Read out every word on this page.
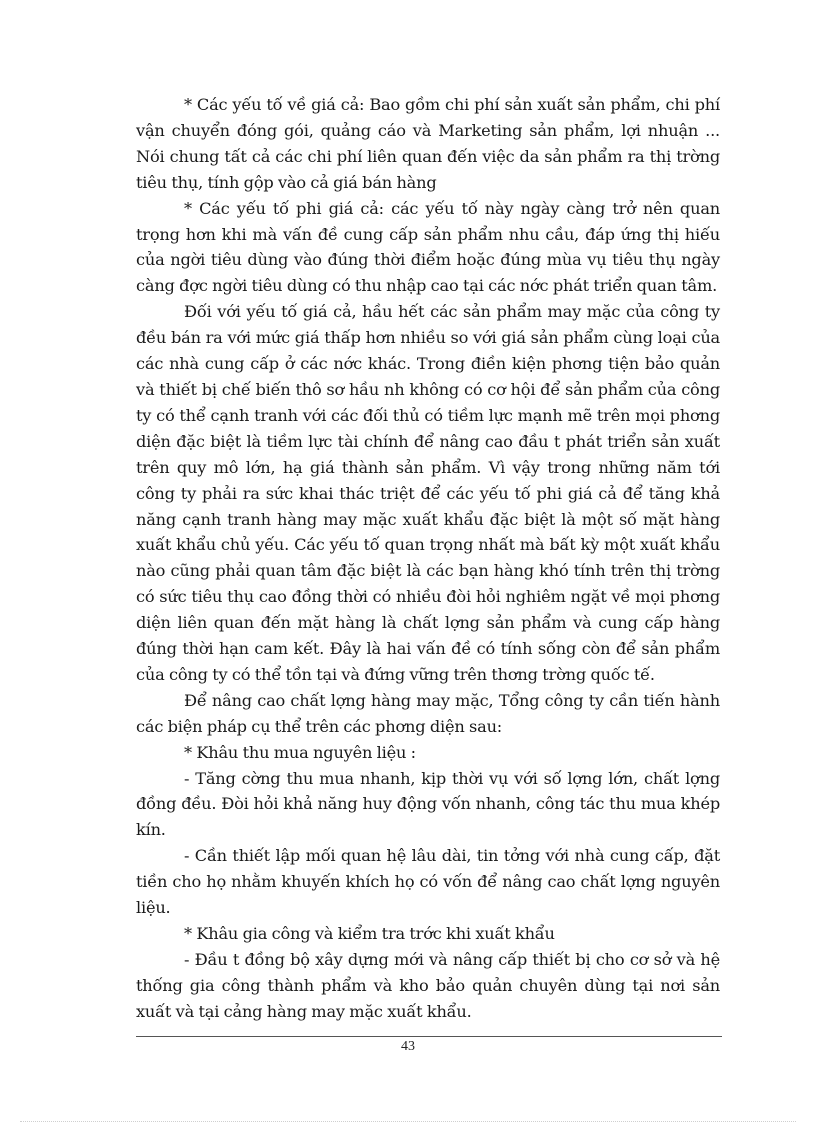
* Các yếu tố về giá cả: Bao gồm chi phí sản xuất sản phẩm, chi phí vận chuyển đóng gói, quảng cáo và Marketing sản phẩm, lợi nhuận ... Nói chung tất cả các chi phí liên quan đến việc da sản phẩm ra thị trờng tiêu thụ, tính gộp vào cả giá bán hàng

* Các yếu tố phi giá cả: các yếu tố này ngày càng trở nên quan trọng hơn khi mà vấn đề cung cấp sản phẩm nhu cầu, đáp ứng thị hiếu của ngời tiêu dùng vào đúng thời điểm hoặc đúng mùa vụ tiêu thụ ngày càng đợc ngời tiêu dùng có thu nhập cao tại các nớc phát triển quan tâm.

Đối với yếu tố giá cả, hầu hết các sản phẩm may mặc của công ty đều bán ra với mức giá thấp hơn nhiều so với giá sản phẩm cùng loại của các nhà cung cấp ở các nớc khác. Trong điền kiện phơng tiện bảo quản và thiết bị chế biến thô sơ hầu nh không có cơ hội để sản phẩm của công ty có thể cạnh tranh với các đối thủ có tiềm lực mạnh mẽ trên mọi phơng diện đặc biệt là tiềm lực tài chính để nâng cao đầu t phát triển sản xuất trên quy mô lớn, hạ giá thành sản phẩm. Vì vậy trong những năm tới công ty phải ra sức khai thác triệt để các yếu tố phi giá cả để tăng khả năng cạnh tranh hàng may mặc xuất khẩu đặc biệt là một số mặt hàng xuất khẩu chủ yếu. Các yếu tố quan trọng nhất mà bất kỳ một xuất khẩu nào cũng phải quan tâm đặc biệt là các bạn hàng khó tính trên thị trờng có sức tiêu thụ cao đồng thời có nhiều đòi hỏi nghiêm ngặt về mọi phơng diện liên quan đến mặt hàng là chất lợng sản phẩm và cung cấp hàng đúng thời hạn cam kết. Đây là hai vấn đề có tính sống còn để sản phẩm của công ty có thể tồn tại và đứng vững trên thơng trờng quốc tế.

Để nâng cao chất lợng hàng may mặc, Tổng công ty cần tiến hành các biện pháp cụ thể trên các phơng diện sau:

* Khâu thu mua nguyên liệu :

- Tăng cờng thu mua nhanh, kịp thời vụ với số lợng lớn, chất lợng đồng đều. Đòi hỏi khả năng huy động vốn nhanh, công tác thu mua khép kín.

- Cần thiết lập mối quan hệ lâu dài, tin tởng với nhà cung cấp, đặt tiền cho họ nhằm khuyến khích họ có vốn để nâng cao chất lợng nguyên liệu.

* Khâu gia công và kiểm tra trớc khi xuất khẩu

- Đầu t đồng bộ xây dựng mới và nâng cấp thiết bị cho cơ sở và hệ thống gia công thành phẩm và kho bảo quản chuyên dùng tại nơi sản xuất và tại cảng hàng may mặc xuất khẩu.

43
